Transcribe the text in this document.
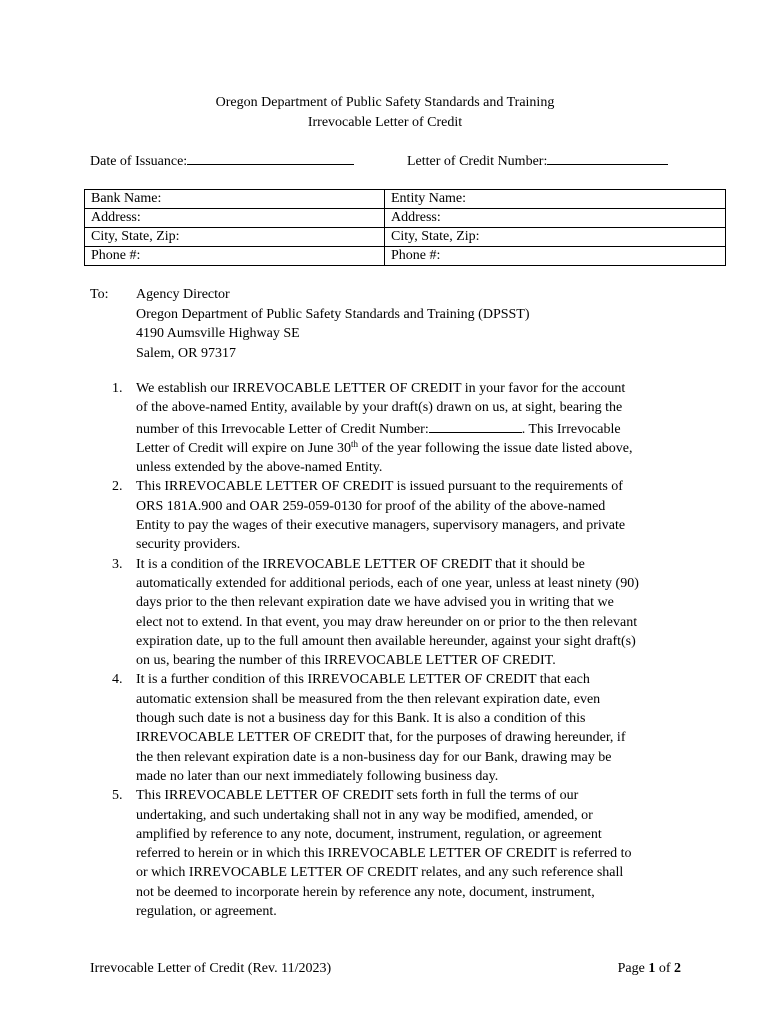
Oregon Department of Public Safety Standards and Training
Irrevocable Letter of Credit
Date of Issuance:	Letter of Credit Number:
Bank Name:	Entity Name:
Address:	Address:
City, State, Zip:	City, State, Zip:
Phone #:	Phone #:
To: Agency Director
Oregon Department of Public Safety Standards and Training (DPSST)
4190 Aumsville Highway SE
Salem, OR 97317
1. We establish our IRREVOCABLE LETTER OF CREDIT in your favor for the account
of the above-named Entity, available by your draft(s) drawn on us, at sight, bearing the
number of this Irrevocable Letter of Credit Number:	. This Irrevocable
Letter of Credit will expire on June 30th of the year following the issue date listed above,
unless extended by the above-named Entity.
2. This IRREVOCABLE LETTER OF CREDIT is issued pursuant to the requirements of
ORS 181A.900 and OAR 259-059-0130 for proof of the ability of the above-named
Entity to pay the wages of their executive managers, supervisory managers, and private
security providers.
3. It is a condition of the IRREVOCABLE LETTER OF CREDIT that it should be
automatically extended for additional periods, each of one year, unless at least ninety (90)
days prior to the then relevant expiration date we have advised you in writing that we
elect not to extend. In that event, you may draw hereunder on or prior to the then relevant
expiration date, up to the full amount then available hereunder, against your sight draft(s)
on us, bearing the number of this IRREVOCABLE LETTER OF CREDIT.
4. It is a further condition of this IRREVOCABLE LETTER OF CREDIT that each
automatic extension shall be measured from the then relevant expiration date, even
though such date is not a business day for this Bank. It is also a condition of this
IRREVOCABLE LETTER OF CREDIT that, for the purposes of drawing hereunder, if
the then relevant expiration date is a non-business day for our Bank, drawing may be
made no later than our next immediately following business day.
5. This IRREVOCABLE LETTER OF CREDIT sets forth in full the terms of our
undertaking, and such undertaking shall not in any way be modified, amended, or
amplified by reference to any note, document, instrument, regulation, or agreement
referred to herein or in which this IRREVOCABLE LETTER OF CREDIT is referred to
or which IRREVOCABLE LETTER OF CREDIT relates, and any such reference shall
not be deemed to incorporate herein by reference any note, document, instrument,
regulation, or agreement.
Irrevocable Letter of Credit (Rev. 11/2023)	Page 1 of 2
